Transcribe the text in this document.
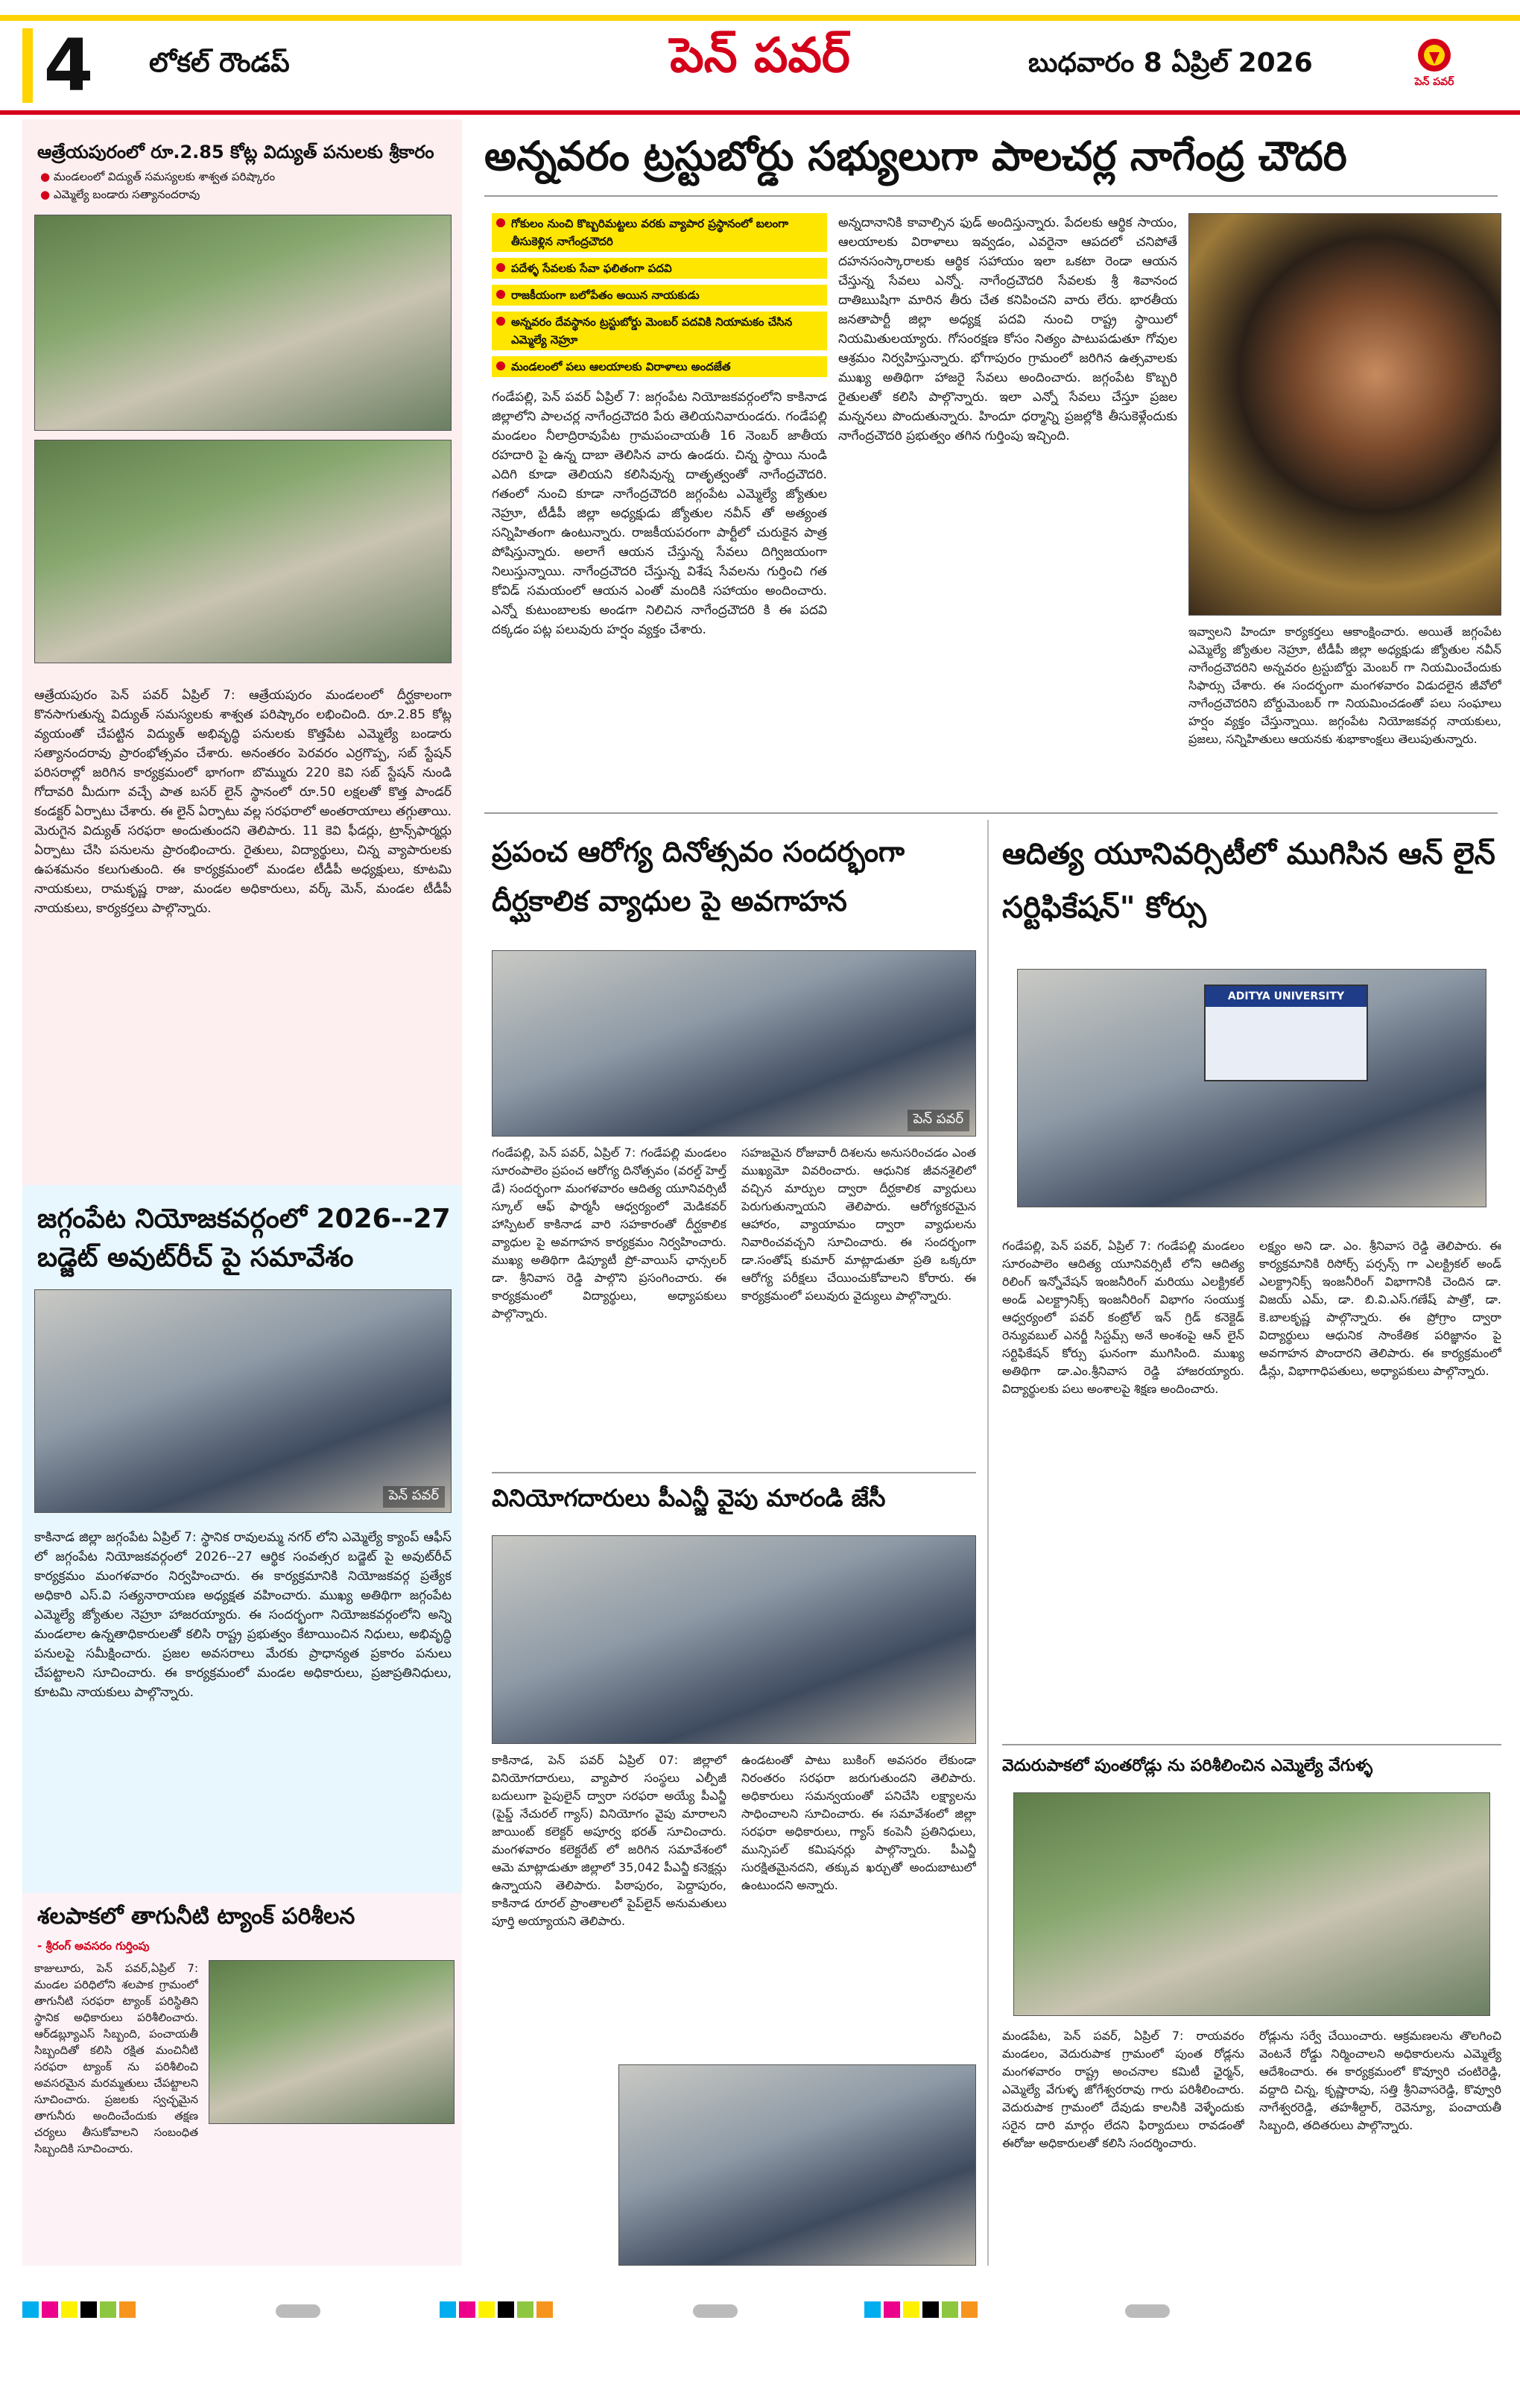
4	లోకల్ రౌండప్	పెన్ పవర్	బుధవారం 8 ఏప్రిల్ 2026
పెన్ పవర్
ఆత్రేయపురంలో రూ.2.85 కోట్ల విద్యుత్ పనులకు శ్రీకారం
● మండలంలో విద్యుత్ సమస్యలకు శాశ్వత పరిష్కారం
● ఎమ్మెల్యే బండారు సత్యానందరావు
ఆత్రేయపురం పెన్ పవర్ ఏప్రిల్ 7: ఆత్రేయపురం మండలంలో దీర్ఘకాలంగా కొనసాగుతున్న విద్యుత్ సమస్యలకు శాశ్వత పరిష్కారం లభించింది. రూ.2.85 కోట్ల వ్యయంతో చేపట్టిన విద్యుత్ అభివృద్ధి పనులకు కొత్తపేట ఎమ్మెల్యే బండారు సత్యానందరావు ప్రారంభోత్సవం చేశారు. అనంతరం పెరవరం ఎర్రగొప్ప, సబ్ స్టేషన్ పరిసరాల్లో జరిగిన కార్యక్రమంలో భాగంగా బొమ్మురు 220 కెవి సబ్ స్టేషన్ నుండి గోదావరి మీదుగా వచ్చే పాత బసర్ లైన్ స్థానంలో రూ.50 లక్షలతో కొత్త పాండర్ కండక్టర్ ఏర్పాటు చేశారు. ఈ లైన్ ఏర్పాటు వల్ల సరఫరాలో అంతరాయాలు తగ్గుతాయి. మెరుగైన విద్యుత్ సరఫరా అందుతుందని తెలిపారు. 11 కెవి ఫీడర్లు, ట్రాన్స్‌ఫార్మర్లు ఏర్పాటు చేసి పనులను ప్రారంభించారు. రైతులు, విద్యార్థులు, చిన్న వ్యాపారులకు ఉపశమనం కలుగుతుంది. ఈ కార్యక్రమంలో మండల టీడీపీ అధ్యక్షులు, కూటమి నాయకులు, రామకృష్ణ రాజు, మండల అధికారులు, వర్క్ మెన్, మండల టీడీపీ నాయకులు, కార్యకర్తలు పాల్గొన్నారు.
జగ్గంపేట నియోజకవర్గంలో 2026--27 బడ్జెట్ అవుట్‌రీచ్ పై సమావేశం
పెన్ పవర్
కాకినాడ జిల్లా జగ్గంపేట ఏప్రిల్ 7: స్థానిక రావులమ్మ నగర్ లోని ఎమ్మెల్యే క్యాంప్ ఆఫీస్ లో జగ్గంపేట నియోజకవర్గంలో 2026--27 ఆర్థిక సంవత్సర బడ్జెట్ పై అవుట్‌రీచ్ కార్యక్రమం మంగళవారం నిర్వహించారు. ఈ కార్యక్రమానికి నియోజకవర్గ ప్రత్యేక అధికారి ఎస్.వి సత్యనారాయణ అధ్యక్షత వహించారు. ముఖ్య అతిథిగా జగ్గంపేట ఎమ్మెల్యే జ్యోతుల నెహ్రూ హాజరయ్యారు. ఈ సందర్భంగా నియోజకవర్గంలోని అన్ని మండలాల ఉన్నతాధికారులతో కలిసి రాష్ట్ర ప్రభుత్వం కేటాయించిన నిధులు, అభివృద్ధి పనులపై సమీక్షించారు. ప్రజల అవసరాలు మేరకు ప్రాధాన్యత ప్రకారం పనులు చేపట్టాలని సూచించారు. ఈ కార్యక్రమంలో మండల అధికారులు, ప్రజాప్రతినిధులు, కూటమి నాయకులు పాల్గొన్నారు.
శలపాకలో తాగునీటి ట్యాంక్ పరిశీలన
- శ్రీరంగ్ అవసరం గుర్తింపు
కాజులూరు, పెన్ పవర్,ఏప్రిల్ 7: మండల పరిధిలోని శలపాక గ్రామంలో తాగునీటి సరఫరా ట్యాంక్ పరిస్థితిని స్థానిక అధికారులు పరిశీలించారు. ఆర్‌డబ్ల్యూఎస్ సిబ్బంది, పంచాయతీ సిబ్బందితో కలిసి రక్షిత మంచినీటి సరఫరా ట్యాంక్ ను పరిశీలించి అవసరమైన మరమ్మతులు చేపట్టాలని సూచించారు. ప్రజలకు స్వచ్ఛమైన తాగునీరు అందించేందుకు తక్షణ చర్యలు తీసుకోవాలని సంబంధిత సిబ్బందికి సూచించారు.
అన్నవరం ట్రస్టుబోర్డు సభ్యులుగా పాలచర్ల నాగేంద్ర చౌదరి
గోకులం నుంచి కొబ్బరిమట్టలు వరకు వ్యాపార ప్రస్థానంలో బలంగా తీసుకెళ్లిన నాగేంద్రచౌదరి
పదేళ్ళ సేవలకు సేవా ఫలితంగా పదవి
రాజకీయంగా బలోపేతం అయిన నాయకుడు
అన్నవరం దేవస్థానం ట్రస్టుబోర్డు మెంబర్ పదవికి నియామకం చేసిన ఎమ్మెల్యే నెహ్రూ
మండలంలో పలు ఆలయాలకు విరాళాలు అందజేత
గండేపల్లి, పెన్ పవర్ ఏప్రిల్ 7: జగ్గంపేట నియోజకవర్గంలోని కాకినాడ జిల్లాలోని పాలచర్ల నాగేంద్రచౌదరి పేరు తెలియనివారుండరు. గండేపల్లి మండలం నీలాద్రిరావుపేట గ్రామపంచాయతీ 16 నెంబర్ జాతీయ రహదారి పై ఉన్న దాబా తెలిసిన వారు ఉండరు. చిన్న స్థాయి నుండి ఎదిగి కూడా తెలియని కలిసివున్న దాతృత్వంతో నాగేంద్రచౌదరి. గతంలో నుంచి కూడా నాగేంద్రచౌదరి జగ్గంపేట ఎమ్మెల్యే జ్యోతుల నెహ్రూ, టీడీపీ జిల్లా అధ్యక్షుడు జ్యోతుల నవీన్ తో అత్యంత సన్నిహితంగా ఉంటున్నారు. రాజకీయపరంగా పార్టీలో చురుకైన పాత్ర పోషిస్తున్నారు. అలాగే ఆయన చేస్తున్న సేవలు దిగ్విజయంగా నిలుస్తున్నాయి. నాగేంద్రచౌదరి చేస్తున్న విశేష సేవలను గుర్తించి గత కోవిడ్ సమయంలో ఆయన ఎంతో మందికి సహాయం అందించారు. ఎన్నో కుటుంబాలకు అండగా నిలిచిన నాగేంద్రచౌదరి కి ఈ పదవి దక్కడం పట్ల పలువురు హర్షం వ్యక్తం చేశారు.
అన్నదానానికి కావాల్సిన ఫుడ్ అందిస్తున్నారు. పేదలకు ఆర్థిక సాయం, ఆలయాలకు విరాళాలు ఇవ్వడం, ఎవరైనా ఆపదలో చనిపోతే దహనసంస్కారాలకు ఆర్థిక సహాయం ఇలా ఒకటా రెండా ఆయన చేస్తున్న సేవలు ఎన్నో. నాగేంద్రచౌదరి సేవలకు శ్రీ శివానంద దాతిఋషిగా మారిన తీరు చేత కనిపించని వారు లేరు. భారతీయ జనతాపార్టీ జిల్లా అధ్యక్ష పదవి నుంచి రాష్ట్ర స్థాయిలో నియమితులయ్యారు. గోసంరక్షణ కోసం నిత్యం పాటుపడుతూ గోవుల ఆశ్రమం నిర్వహిస్తున్నారు. భోగాపురం గ్రామంలో జరిగిన ఉత్సవాలకు ముఖ్య అతిథిగా హాజరై సేవలు అందించారు. జగ్గంపేట కొబ్బరి రైతులతో కలిసి పాల్గొన్నారు. ఇలా ఎన్నో సేవలు చేస్తూ ప్రజల మన్ననలు పొందుతున్నారు. హిందూ ధర్మాన్ని ప్రజల్లోకి తీసుకెళ్లేందుకు నాగేంద్రచౌదరి ప్రభుత్వం తగిన గుర్తింపు ఇచ్చింది.
ఇవ్వాలని హిందూ కార్యకర్తలు ఆకాంక్షించారు. అయితే జగ్గంపేట ఎమ్మెల్యే జ్యోతుల నెహ్రూ, టీడీపీ జిల్లా అధ్యక్షుడు జ్యోతుల నవీన్ నాగేంద్రచౌదరిని అన్నవరం ట్రస్టుబోర్డు మెంబర్ గా నియమించేందుకు సిఫార్సు చేశారు. ఈ సందర్భంగా మంగళవారం విడుదలైన జీవోలో నాగేంద్రచౌదరిని బోర్డుమెంబర్ గా నియమించడంతో పలు సంఘాలు హర్షం వ్యక్తం చేస్తున్నాయి. జగ్గంపేట నియోజకవర్గ నాయకులు, ప్రజలు, సన్నిహితులు ఆయనకు శుభాకాంక్షలు తెలుపుతున్నారు.
ప్రపంచ ఆరోగ్య దినోత్సవం సందర్భంగా దీర్ఘకాలిక వ్యాధుల పై అవగాహన
పెన్ పవర్
గండేపల్లి, పెన్ పవర్, ఏప్రిల్ 7: గండేపల్లి మండలం సూరంపాలెం ప్రపంచ ఆరోగ్య దినోత్సవం (వరల్డ్ హెల్త్ డే) సందర్భంగా మంగళవారం ఆదిత్య యూనివర్సిటీ స్కూల్ ఆఫ్ ఫార్మసీ ఆధ్వర్యంలో మెడికవర్ హాస్పిటల్ కాకినాడ వారి సహకారంతో దీర్ఘకాలిక వ్యాధుల పై అవగాహన కార్యక్రమం నిర్వహించారు. ముఖ్య అతిథిగా డిప్యూటీ ప్రో-వాయిస్ ఛాన్సలర్ డా. శ్రీనివాస రెడ్డి పాల్గొని ప్రసంగించారు. ఈ కార్యక్రమంలో విద్యార్థులు, అధ్యాపకులు పాల్గొన్నారు.
సహజమైన రోజువారీ దిశలను అనుసరించడం ఎంత ముఖ్యమో వివరించారు. ఆధునిక జీవనశైలిలో వచ్చిన మార్పుల ద్వారా దీర్ఘకాలిక వ్యాధులు పెరుగుతున్నాయని తెలిపారు. ఆరోగ్యకరమైన ఆహారం, వ్యాయామం ద్వారా వ్యాధులను నివారించవచ్చని సూచించారు. ఈ సందర్భంగా డా.సంతోష్ కుమార్ మాట్లాడుతూ ప్రతి ఒక్కరూ ఆరోగ్య పరీక్షలు చేయించుకోవాలని కోరారు. ఈ కార్యక్రమంలో పలువురు వైద్యులు పాల్గొన్నారు.
వినియోగదారులు పీఎన్జీ వైపు మారండి జేసీ
కాకినాడ, పెన్ పవర్ ఏప్రిల్ 07: జిల్లాలో వినియోగదారులు, వ్యాపార సంస్థలు ఎల్పీజీ బదులుగా పైపులైన్ ద్వారా సరఫరా అయ్యే పీఎన్జీ (పైప్డ్ నేచురల్ గ్యాస్) వినియోగం వైపు మారాలని జాయింట్ కలెక్టర్ అపూర్వ భరత్ సూచించారు. మంగళవారం కలెక్టరేట్ లో జరిగిన సమావేశంలో ఆమె మాట్లాడుతూ జిల్లాలో 35,042 పీఎన్జీ కనెక్షన్లు ఉన్నాయని తెలిపారు. పిఠాపురం, పెద్దాపురం, కాకినాడ రూరల్ ప్రాంతాలలో పైప్‌లైన్ అనుమతులు పూర్తి అయ్యాయని తెలిపారు.
ఉండటంతో పాటు బుకింగ్ అవసరం లేకుండా నిరంతరం సరఫరా జరుగుతుందని తెలిపారు. అధికారులు సమన్వయంతో పనిచేసి లక్ష్యాలను సాధించాలని సూచించారు. ఈ సమావేశంలో జిల్లా సరఫరా అధికారులు, గ్యాస్ కంపెనీ ప్రతినిధులు, మున్సిపల్ కమిషనర్లు పాల్గొన్నారు. పీఎన్జీ సురక్షితమైనదని, తక్కువ ఖర్చుతో అందుబాటులో ఉంటుందని అన్నారు.
ఆదిత్య యూనివర్సిటీలో ముగిసిన ఆన్ లైన్ సర్టిఫికేషన్" కోర్సు
ADITYA UNIVERSITY
గండేపల్లి, పెన్ పవర్, ఏప్రిల్ 7: గండేపల్లి మండలం సూరంపాలెం ఆదిత్య యూనివర్సిటీ లోని ఆదిత్య రిలింగ్ ఇన్నోవేషన్ ఇంజనీరింగ్ మరియు ఎలక్ట్రికల్ అండ్ ఎలక్ట్రానిక్స్ ఇంజనీరింగ్ విభాగం సంయుక్త ఆధ్వర్యంలో పవర్ కంట్రోల్ ఇన్ గ్రిడ్ కనెక్టెడ్ రెన్యువబుల్ ఎనర్జీ సిస్టమ్స్ అనే అంశంపై ఆన్ లైన్ సర్టిఫికేషన్ కోర్సు ఘనంగా ముగిసింది. ముఖ్య అతిథిగా డా.ఎం.శ్రీనివాస రెడ్డి హాజరయ్యారు. విద్యార్థులకు పలు అంశాలపై శిక్షణ అందించారు.
లక్ష్యం అని డా. ఎం. శ్రీనివాస రెడ్డి తెలిపారు. ఈ కార్యక్రమానికి రిసోర్స్ పర్సన్స్ గా ఎలక్ట్రికల్ అండ్ ఎలక్ట్రానిక్స్ ఇంజనీరింగ్ విభాగానికి చెందిన డా. విజయ్ ఎమ్, డా. బి.వి.ఎస్.గణేష్ పాత్రో, డా. కె.బాలకృష్ణ పాల్గొన్నారు. ఈ ప్రోగ్రాం ద్వారా విద్యార్థులు ఆధునిక సాంకేతిక పరిజ్ఞానం పై అవగాహన పొందారని తెలిపారు. ఈ కార్యక్రమంలో డీన్లు, విభాగాధిపతులు, అధ్యాపకులు పాల్గొన్నారు.
వెదురుపాకలో పుంతరోడ్లు ను పరిశీలించిన ఎమ్మెల్యే వేగుళ్ళ
మండపేట, పెన్ పవర్, ఏప్రిల్ 7: రాయవరం మండలం, వెదురుపాక గ్రామంలో పుంత రోడ్లను మంగళవారం రాష్ట్ర అంచనాల కమిటీ ఛైర్మన్, ఎమ్మెల్యే వేగుళ్ళ జోగేశ్వరరావు గారు పరిశీలించారు. వెదురుపాక గ్రామంలో దేవుడు కాలనీకి వెళ్ళేందుకు సరైన దారి మార్గం లేదని ఫిర్యాదులు రావడంతో ఈరోజు అధికారులతో కలిసి సందర్శించారు.
రోడ్లును సర్వే చేయించారు. ఆక్రమణలను తొలగించి వెంటనే రోడ్డు నిర్మించాలని అధికారులను ఎమ్మెల్యే ఆదేశించారు. ఈ కార్యక్రమంలో కొవ్వూరి చంటిరెడ్డి, వద్దాది చిన్న, కృష్ణారావు, సత్తి శ్రీనివాసరెడ్డి, కొవ్వూరి నాగేశ్వరరెడ్డి, తహశీల్దార్, రెవెన్యూ, పంచాయతీ సిబ్బంది, తదితరులు పాల్గొన్నారు.
